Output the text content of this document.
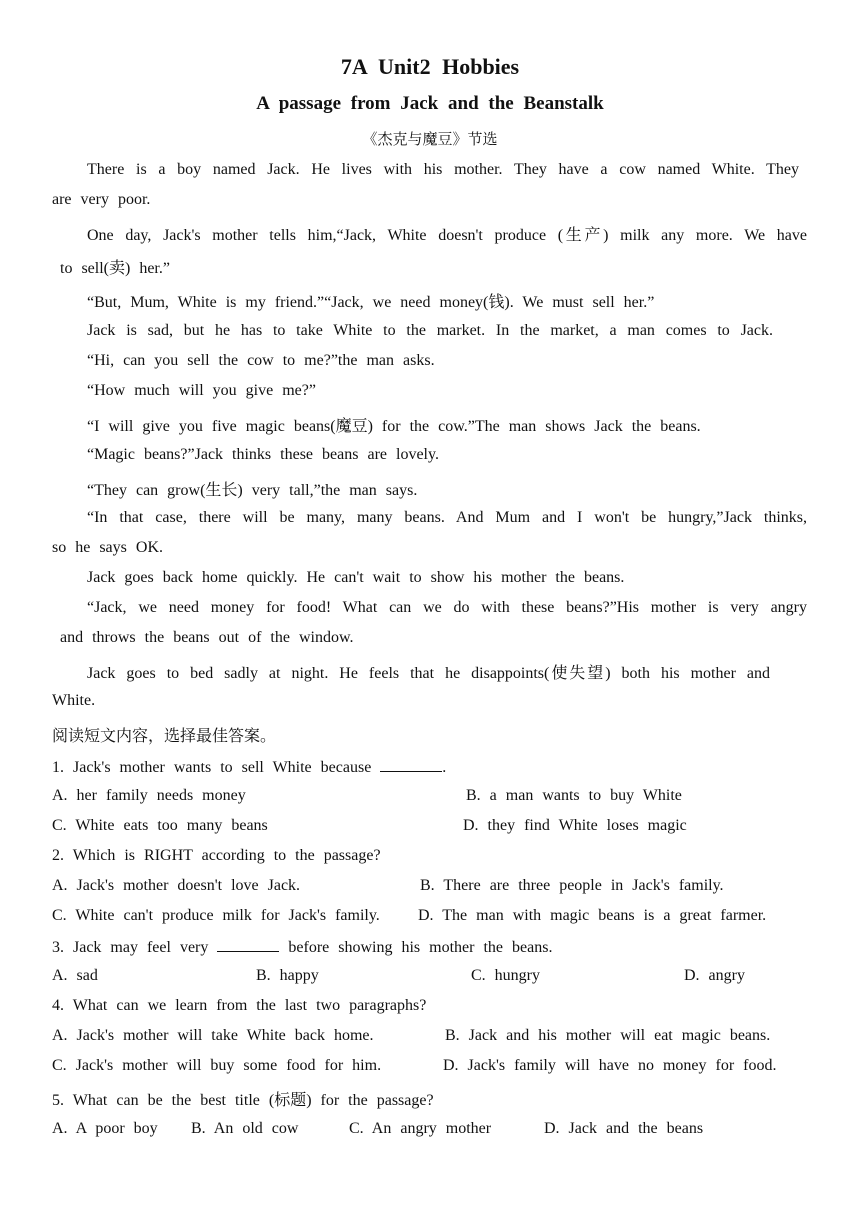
7A Unit2 Hobbies
A passage from Jack and the Beanstalk
《杰克与魔豆》节选
There is a boy named Jack. He lives with his mother. They have a cow named White. They
are very poor.
One day, Jack's mother tells him,“Jack, White doesn't produce (生产) milk any more. We have
to sell(卖) her.”
“But, Mum, White is my friend.”“Jack, we need money(钱). We must sell her.”
Jack is sad, but he has to take White to the market. In the market, a man comes to Jack.
“Hi, can you sell the cow to me?”the man asks.
“How much will you give me?”
“I will give you five magic beans(魔豆) for the cow.”The man shows Jack the beans.
“Magic beans?”Jack thinks these beans are lovely.
“They can grow(生长) very tall,”the man says.
“In that case, there will be many, many beans. And Mum and I won't be hungry,”Jack thinks,
so he says OK.
Jack goes back home quickly. He can't wait to show his mother the beans.
“Jack, we need money for food! What can we do with these beans?”His mother is very angry
and throws the beans out of the window.
Jack goes to bed sadly at night. He feels that he disappoints(使失望) both his mother and
White.
阅读短文内容，选择最佳答案。
1. Jack's mother wants to sell White because	.
A. her family needs money	B. a man wants to buy White
C. White eats too many beans	D. they find White loses magic
2. Which is RIGHT according to the passage?
A. Jack's mother doesn't love Jack.	B. There are three people in Jack's family.
C. White can't produce milk for Jack's family. D. The man with magic beans is a great farmer.
3. Jack may feel very	before showing his mother the beans.
A. sad	B. happy	C. hungry	D. angry
4. What can we learn from the last two paragraphs?
A. Jack's mother will take White back home.	B. Jack and his mother will eat magic beans.
C. Jack's mother will buy some food for him.	D. Jack's family will have no money for food.
5. What can be the best title (标题) for the passage?
A. A poor boy B. An old cow	C. An angry mother	D. Jack and the beans
